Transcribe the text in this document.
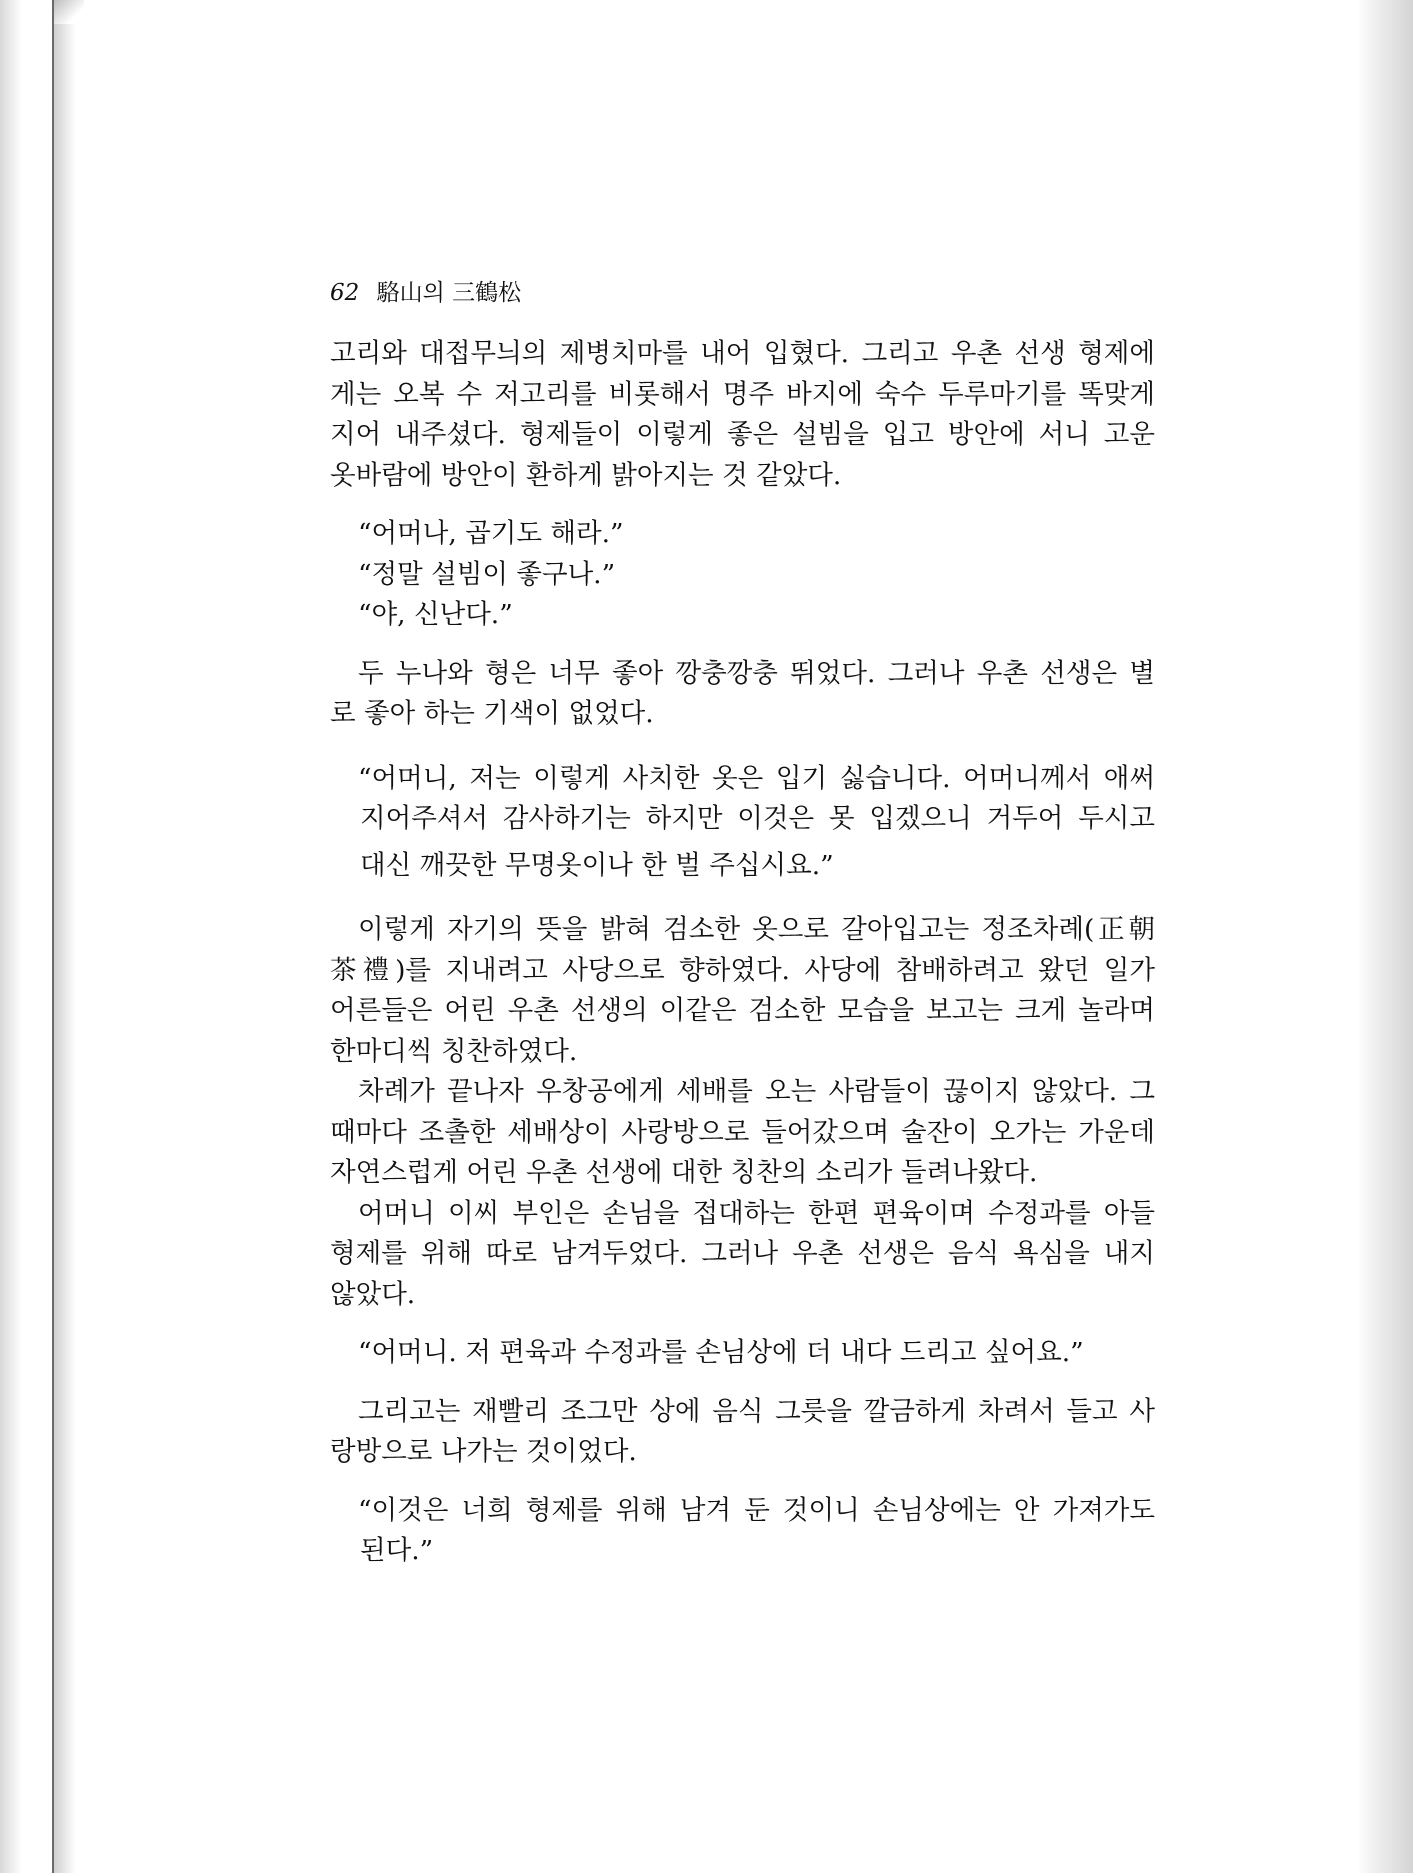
62 駱山의 三鶴松
고리와 대접무늬의 제병치마를 내어 입혔다. 그리고 우촌 선생 형제에
게는 오복 수 저고리를 비롯해서 명주 바지에 숙수 두루마기를 똑맞게
지어 내주셨다. 형제들이 이렇게 좋은 설빔을 입고 방안에 서니 고운
옷바람에 방안이 환하게 밝아지는 것 같았다.
“어머나, 곱기도 해라.”
“정말 설빔이 좋구나.”
“야, 신난다.”
두 누나와 형은 너무 좋아 깡충깡충 뛰었다. 그러나 우촌 선생은 별
로 좋아 하는 기색이 없었다.
“어머니, 저는 이렇게 사치한 옷은 입기 싫습니다. 어머니께서 애써
지어주셔서 감사하기는 하지만 이것은 못 입겠으니 거두어 두시고
대신 깨끗한 무명옷이나 한 벌 주십시요.”
이렇게 자기의 뜻을 밝혀 검소한 옷으로 갈아입고는 정조차례(正朝
茶禮)를 지내려고 사당으로 향하였다. 사당에 참배하려고 왔던 일가
어른들은 어린 우촌 선생의 이같은 검소한 모습을 보고는 크게 놀라며
한마디씩 칭찬하였다.
차례가 끝나자 우창공에게 세배를 오는 사람들이 끊이지 않았다. 그
때마다 조촐한 세배상이 사랑방으로 들어갔으며 술잔이 오가는 가운데
자연스럽게 어린 우촌 선생에 대한 칭찬의 소리가 들려나왔다.
어머니 이씨 부인은 손님을 접대하는 한편 편육이며 수정과를 아들
형제를 위해 따로 남겨두었다. 그러나 우촌 선생은 음식 욕심을 내지
않았다.
“어머니. 저 편육과 수정과를 손님상에 더 내다 드리고 싶어요.”
그리고는 재빨리 조그만 상에 음식 그릇을 깔금하게 차려서 들고 사
랑방으로 나가는 것이었다.
“이것은 너희 형제를 위해 남겨 둔 것이니 손님상에는 안 가져가도
된다.”
